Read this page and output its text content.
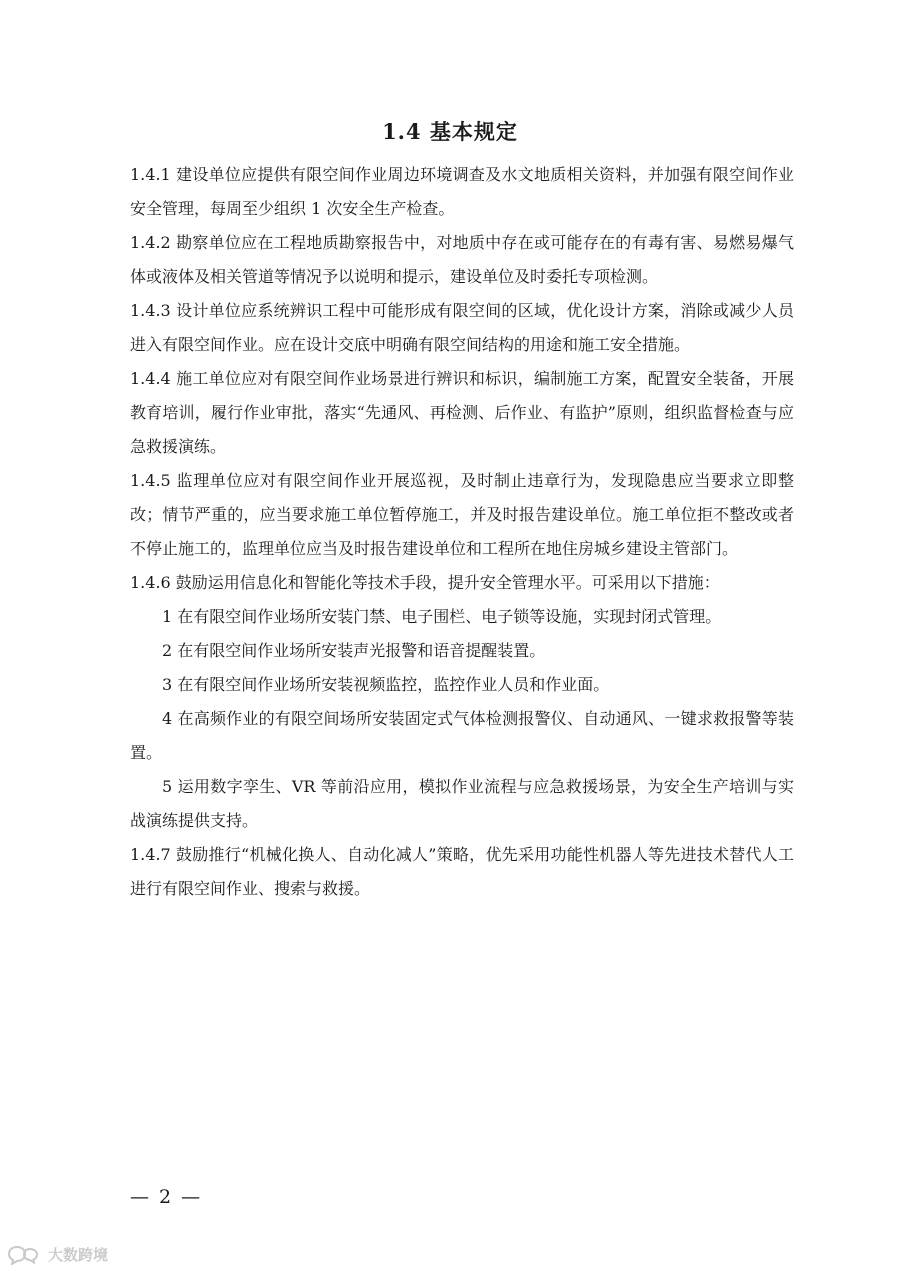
1.4 基本规定

1.4.1 建设单位应提供有限空间作业周边环境调查及水文地质相关资料，并加强有限空间作业安全管理，每周至少组织 1 次安全生产检查。

1.4.2 勘察单位应在工程地质勘察报告中，对地质中存在或可能存在的有毒有害、易燃易爆气体或液体及相关管道等情况予以说明和提示，建设单位及时委托专项检测。

1.4.3 设计单位应系统辨识工程中可能形成有限空间的区域，优化设计方案，消除或减少人员进入有限空间作业。应在设计交底中明确有限空间结构的用途和施工安全措施。

1.4.4 施工单位应对有限空间作业场景进行辨识和标识，编制施工方案，配置安全装备，开展教育培训，履行作业审批，落实“先通风、再检测、后作业、有监护”原则，组织监督检查与应急救援演练。

1.4.5 监理单位应对有限空间作业开展巡视，及时制止违章行为，发现隐患应当要求立即整改；情节严重的，应当要求施工单位暂停施工，并及时报告建设单位。施工单位拒不整改或者不停止施工的，监理单位应当及时报告建设单位和工程所在地住房城乡建设主管部门。

1.4.6 鼓励运用信息化和智能化等技术手段，提升安全管理水平。可采用以下措施：

1 在有限空间作业场所安装门禁、电子围栏、电子锁等设施，实现封闭式管理。

2 在有限空间作业场所安装声光报警和语音提醒装置。

3 在有限空间作业场所安装视频监控，监控作业人员和作业面。

4 在高频作业的有限空间场所安装固定式气体检测报警仪、自动通风、一键求救报警等装置。

5 运用数字孪生、VR 等前沿应用，模拟作业流程与应急救援场景，为安全生产培训与实战演练提供支持。

1.4.7 鼓励推行“机械化换人、自动化减人”策略，优先采用功能性机器人等先进技术替代人工进行有限空间作业、搜索与救援。

— 2 —
大数跨境
